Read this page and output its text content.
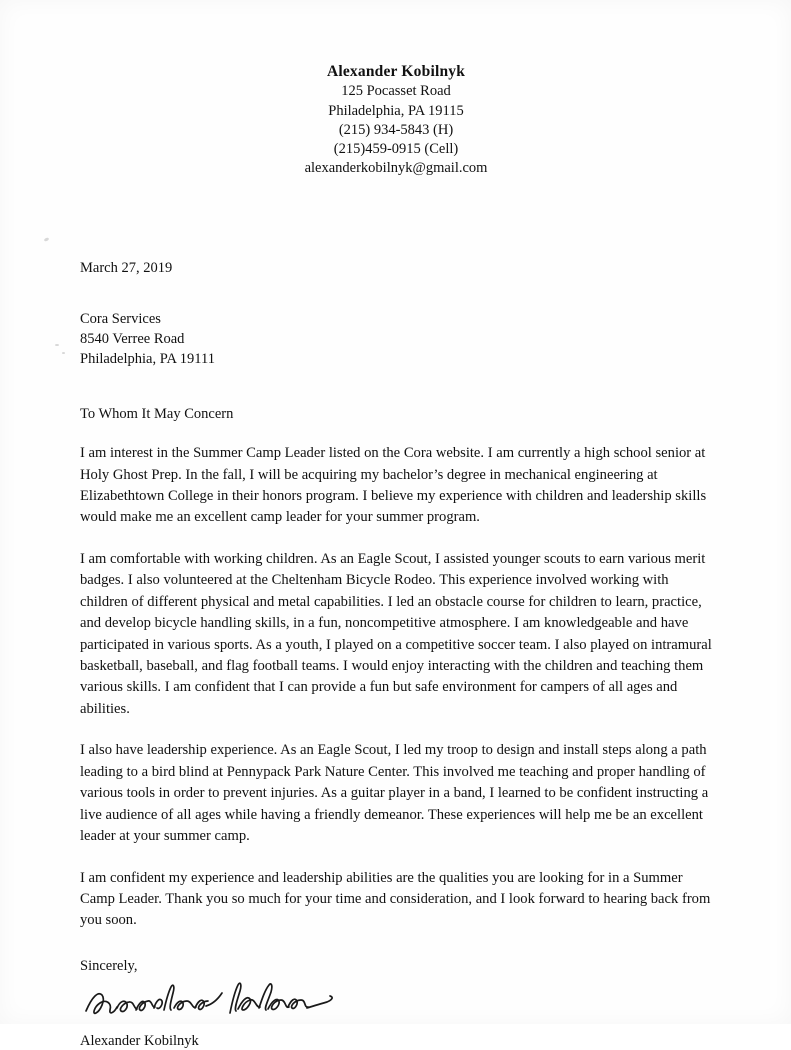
Alexander Kobilnyk
125 Pocasset Road
Philadelphia, PA 19115
(215) 934-5843 (H)
(215)459-0915 (Cell)
alexanderkobilnyk@gmail.com
March 27, 2019
Cora Services
8540 Verree Road
Philadelphia, PA 19111
To Whom It May Concern

I am interest in the Summer Camp Leader listed on the Cora website. I am currently a high school senior at Holy Ghost Prep. In the fall, I will be acquiring my bachelor’s degree in mechanical engineering at Elizabethtown College in their honors program. I believe my experience with children and leadership skills would make me an excellent camp leader for your summer program.

I am comfortable with working children. As an Eagle Scout, I assisted younger scouts to earn various merit badges. I also volunteered at the Cheltenham Bicycle Rodeo. This experience involved working with children of different physical and metal capabilities. I led an obstacle course for children to learn, practice, and develop bicycle handling skills, in a fun, noncompetitive atmosphere. I am knowledgeable and have participated in various sports. As a youth, I played on a competitive soccer team. I also played on intramural basketball, baseball, and flag football teams. I would enjoy interacting with the children and teaching them various skills. I am confident that I can provide a fun but safe environment for campers of all ages and abilities.

I also have leadership experience. As an Eagle Scout, I led my troop to design and install steps along a path leading to a bird blind at Pennypack Park Nature Center. This involved me teaching and proper handling of various tools in order to prevent injuries. As a guitar player in a band, I learned to be confident instructing a live audience of all ages while having a friendly demeanor. These experiences will help me be an excellent leader at your summer camp.

I am confident my experience and leadership abilities are the qualities you are looking for in a Summer Camp Leader. Thank you so much for your time and consideration, and I look forward to hearing back from you soon.

Sincerely,
Alexander Kobilnyk
